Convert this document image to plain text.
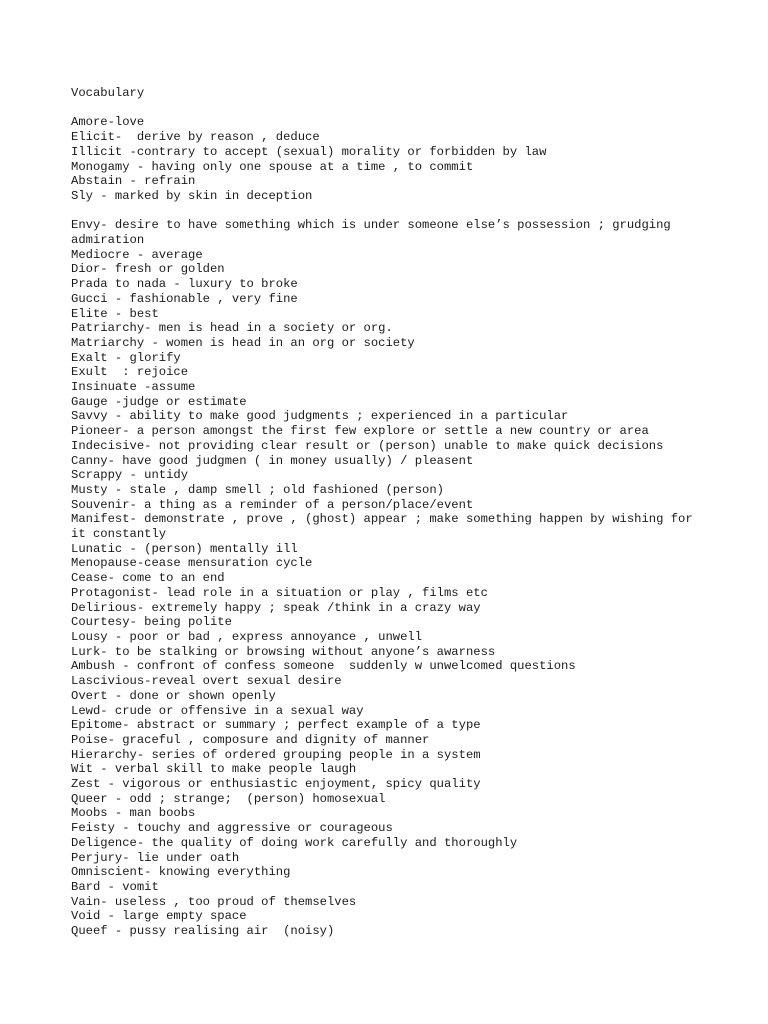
Vocabulary
Amore-love
Elicit-  derive by reason , deduce
Illicit -contrary to accept (sexual) morality or forbidden by law
Monogamy - having only one spouse at a time , to commit
Abstain - refrain
Sly - marked by skin in deception
￼
Envy- desire to have something which is under someone else’s possession ; grudging admiration
Mediocre - average
Dior- fresh or golden
Prada to nada - luxury to broke
Gucci - fashionable , very fine
Elite - best
Patriarchy- men is head in a society or org.
Matriarchy - women is head in an org or society
Exalt - glorify
Exult  : rejoice
Insinuate -assume
Gauge -judge or estimate
Savvy - ability to make good judgments ; experienced in a particular
Pioneer- a person amongst the first few explore or settle a new country or area
Indecisive- not providing clear result or (person) unable to make quick decisions
Canny- have good judgmen ( in money usually) / pleasent
Scrappy - untidy
Musty - stale , damp smell ; old fashioned (person)
Souvenir- a thing as a reminder of a person/place/event
Manifest- demonstrate , prove , (ghost) appear ; make something happen by wishing for it constantly
Lunatic - (person) mentally ill
Menopause-cease mensuration cycle
Cease- come to an end
Protagonist- lead role in a situation or play , films etc
Delirious- extremely happy ; speak /think in a crazy way
Courtesy- being polite
Lousy - poor or bad , express annoyance , unwell
Lurk- to be stalking or browsing without anyone’s awarness
Ambush - confront of confess someone  suddenly w unwelcomed questions
Lascivious-reveal overt sexual desire
Overt - done or shown openly
Lewd- crude or offensive in a sexual way
Epitome- abstract or summary ; perfect example of a type
Poise- graceful , composure and dignity of manner
Hierarchy- series of ordered grouping people in a system
Wit - verbal skill to make people laugh
Zest - vigorous or enthusiastic enjoyment, spicy quality
Queer - odd ; strange;  (person) homosexual
Moobs - man boobs
Feisty - touchy and aggressive or courageous
Deligence- the quality of doing work carefully and thoroughly
Perjury- lie under oath
Omniscient- knowing everything
Bard - vomit
Vain- useless , too proud of themselves
Void - large empty space
Queef - pussy realising air  (noisy)
